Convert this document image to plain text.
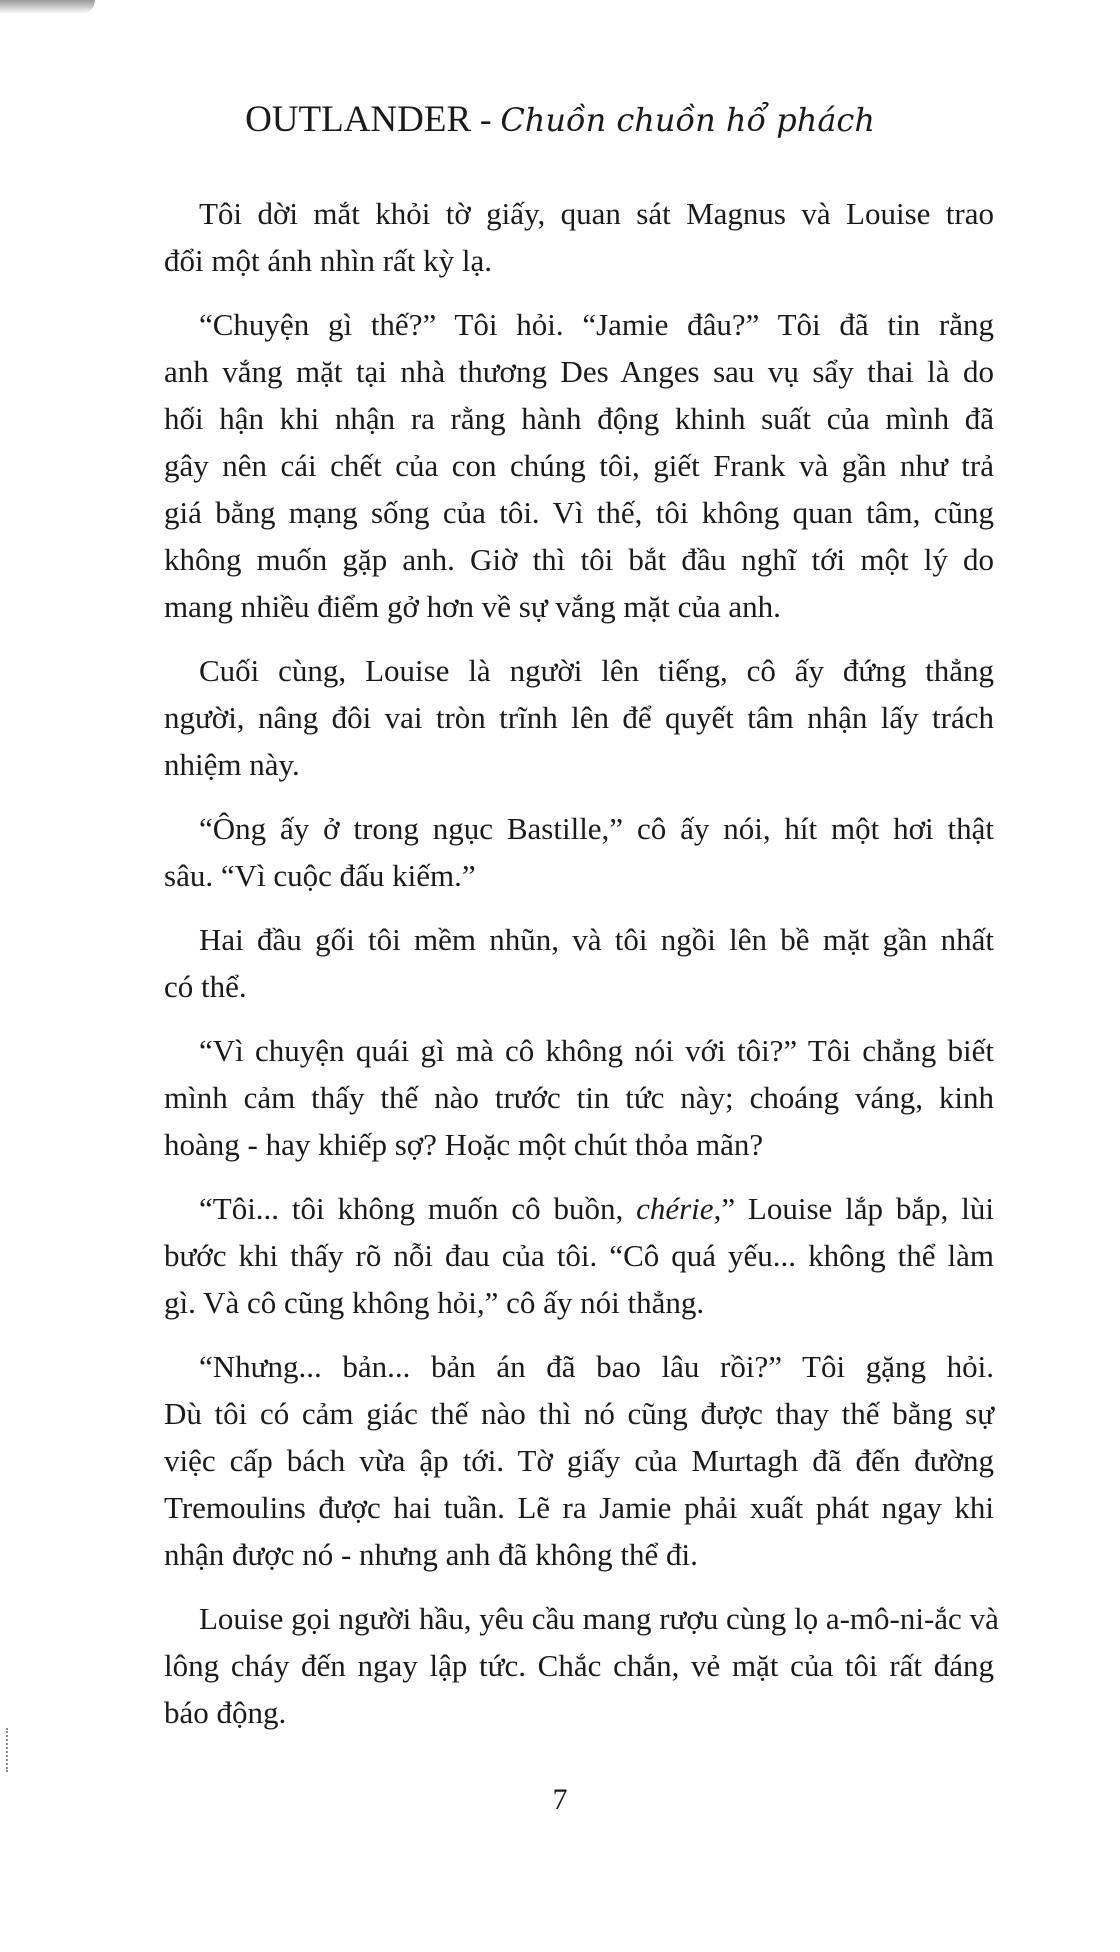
OUTLANDER - Chuồn chuồn hổ phách

Tôi dời mắt khỏi tờ giấy, quan sát Magnus và Louise trao
đổi một ánh nhìn rất kỳ lạ.

“Chuyện gì thế?” Tôi hỏi. “Jamie đâu?” Tôi đã tin rằng
anh vắng mặt tại nhà thương Des Anges sau vụ sẩy thai là do
hối hận khi nhận ra rằng hành động khinh suất của mình đã
gây nên cái chết của con chúng tôi, giết Frank và gần như trả
giá bằng mạng sống của tôi. Vì thế, tôi không quan tâm, cũng
không muốn gặp anh. Giờ thì tôi bắt đầu nghĩ tới một lý do
mang nhiều điểm gở hơn về sự vắng mặt của anh.

Cuối cùng, Louise là người lên tiếng, cô ấy đứng thẳng
người, nâng đôi vai tròn trĩnh lên để quyết tâm nhận lấy trách
nhiệm này.

“Ông ấy ở trong ngục Bastille,” cô ấy nói, hít một hơi thật
sâu. “Vì cuộc đấu kiếm.”

Hai đầu gối tôi mềm nhũn, và tôi ngồi lên bề mặt gần nhất
có thể.

“Vì chuyện quái gì mà cô không nói với tôi?” Tôi chẳng biết
mình cảm thấy thế nào trước tin tức này; choáng váng, kinh
hoàng - hay khiếp sợ? Hoặc một chút thỏa mãn?

“Tôi... tôi không muốn cô buồn, chérie,” Louise lắp bắp, lùi
bước khi thấy rõ nỗi đau của tôi. “Cô quá yếu... không thể làm
gì. Và cô cũng không hỏi,” cô ấy nói thẳng.

“Nhưng... bản... bản án đã bao lâu rồi?” Tôi gặng hỏi.
Dù tôi có cảm giác thế nào thì nó cũng được thay thế bằng sự
việc cấp bách vừa ập tới. Tờ giấy của Murtagh đã đến đường
Tremoulins được hai tuần. Lẽ ra Jamie phải xuất phát ngay khi
nhận được nó - nhưng anh đã không thể đi.

Louise gọi người hầu, yêu cầu mang rượu cùng lọ a-mô-ni-ắc và
lông cháy đến ngay lập tức. Chắc chắn, vẻ mặt của tôi rất đáng
báo động.

7
